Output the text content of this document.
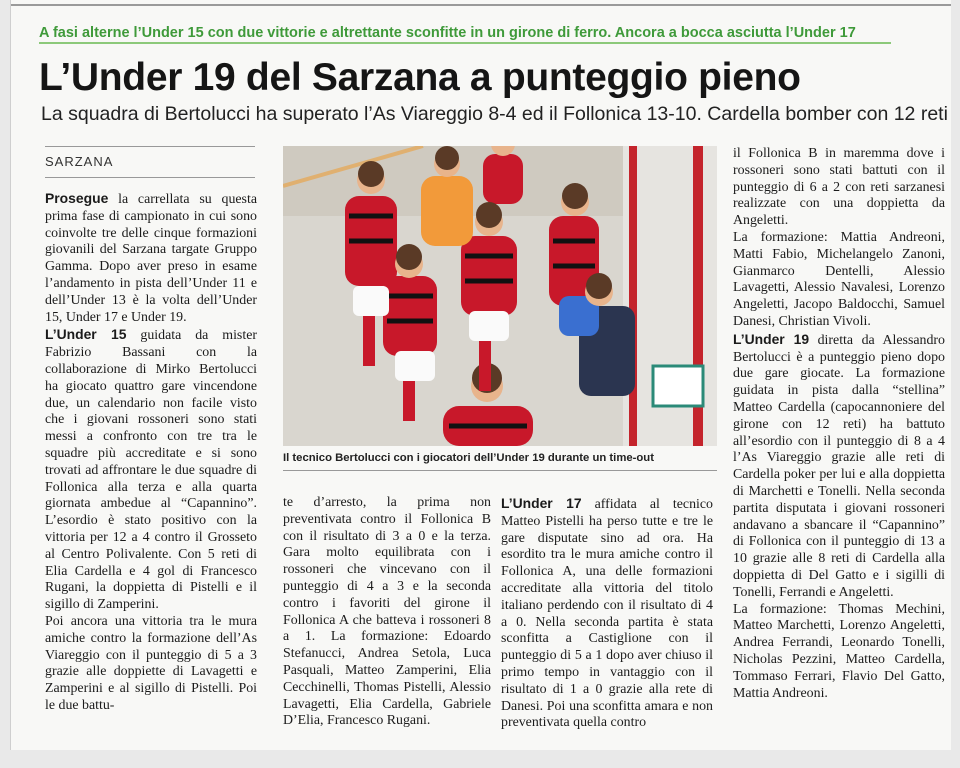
A fasi alterne l’Under 15 con due vittorie e altrettante sconfitte in un girone di ferro. Ancora a bocca asciutta l’Under 17
L’Under 19 del Sarzana a punteggio pieno
La squadra di Bertolucci ha superato l’As Viareggio 8-4 ed il Follonica 13-10. Cardella bomber con 12 reti
SARZANA

Prosegue la carrellata su questa prima fase di campionato in cui sono coinvolte tre delle cinque formazioni giovanili del Sarzana targate Gruppo Gamma. Dopo aver preso in esame l’andamento in pista dell’Under 11 e dell’Under 13 è la volta dell’Under 15, Under 17 e Under 19.

L’Under 15 guidata da mister Fabrizio Bassani con la collaborazione di Mirko Bertolucci ha giocato quattro gare vincendone due, un calendario non facile visto che i giovani rossoneri sono stati messi a confronto con tre tra le squadre più accreditate e si sono trovati ad affrontare le due squadre di Follonica alla terza e alla quarta giornata ambedue al “Capannino”. L’esordio è stato positivo con la vittoria per 12 a 4 contro il Grosseto al Centro Polivalente. Con 5 reti di Elia Cardella e 4 gol di Francesco Rugani, la doppietta di Pistelli e il sigillo di Zamperini.

Poi ancora una vittoria tra le mura amiche contro la formazione dell’As Viareggio con il punteggio di 5 a 3 grazie alle doppiette di Lavagetti e Zamperini e al sigillo di Pistelli. Poi le due battu-

Il tecnico Bertolucci con i giocatori dell’Under 19 durante un time-out

te d’arresto, la prima non preventivata contro il Follonica B con il risultato di 3 a 0 e la terza. Gara molto equilibrata con i rossoneri che vincevano con il punteggio di 4 a 3 e la seconda contro i favoriti del girone il Follonica A che batteva i rossoneri 8 a 1. La formazione: Edoardo Stefanucci, Andrea Setola, Luca Pasquali, Matteo Zamperini, Elia Cecchinelli, Thomas Pistelli, Alessio Lavagetti, Elia Cardella, Gabriele D’Elia, Francesco Rugani.

L’Under 17 affidata al tecnico Matteo Pistelli ha perso tutte e tre le gare disputate sino ad ora. Ha esordito tra le mura amiche contro il Follonica A, una delle formazioni accreditate alla vittoria del titolo italiano perdendo con il risultato di 4 a 0. Nella seconda partita è stata sconfitta a Castiglione con il punteggio di 5 a 1 dopo aver chiuso il primo tempo in vantaggio con il risultato di 1 a 0 grazie alla rete di Danesi. Poi una sconfitta amara e non preventivata quella contro

il Follonica B in maremma dove i rossoneri sono stati battuti con il punteggio di 6 a 2 con reti sarzanesi realizzate con una doppietta da Angeletti.

La formazione: Mattia Andreoni, Matti Fabio, Michelangelo Zanoni, Gianmarco Dentelli, Alessio Lavagetti, Alessio Navalesi, Lorenzo Angeletti, Jacopo Baldocchi, Samuel Danesi, Christian Vivoli.

L’Under 19 diretta da Alessandro Bertolucci è a punteggio pieno dopo due gare giocate. La formazione guidata in pista dalla “stellina” Matteo Cardella (capocannoniere del girone con 12 reti) ha battuto all’esordio con il punteggio di 8 a 4 l’As Viareggio grazie alle reti di Cardella poker per lui e alla doppietta di Marchetti e Tonelli. Nella seconda partita disputata i giovani rossoneri andavano a sbancare il “Capannino” di Follonica con il punteggio di 13 a 10 grazie alle 8 reti di Cardella alla doppietta di Del Gatto e i sigilli di Tonelli, Ferrandi e Angeletti.

La formazione: Thomas Mechini, Matteo Marchetti, Lorenzo Angeletti, Andrea Ferrandi, Leonardo Tonelli, Nicholas Pezzini, Matteo Cardella, Tommaso Ferrari, Flavio Del Gatto, Mattia Andreoni.
